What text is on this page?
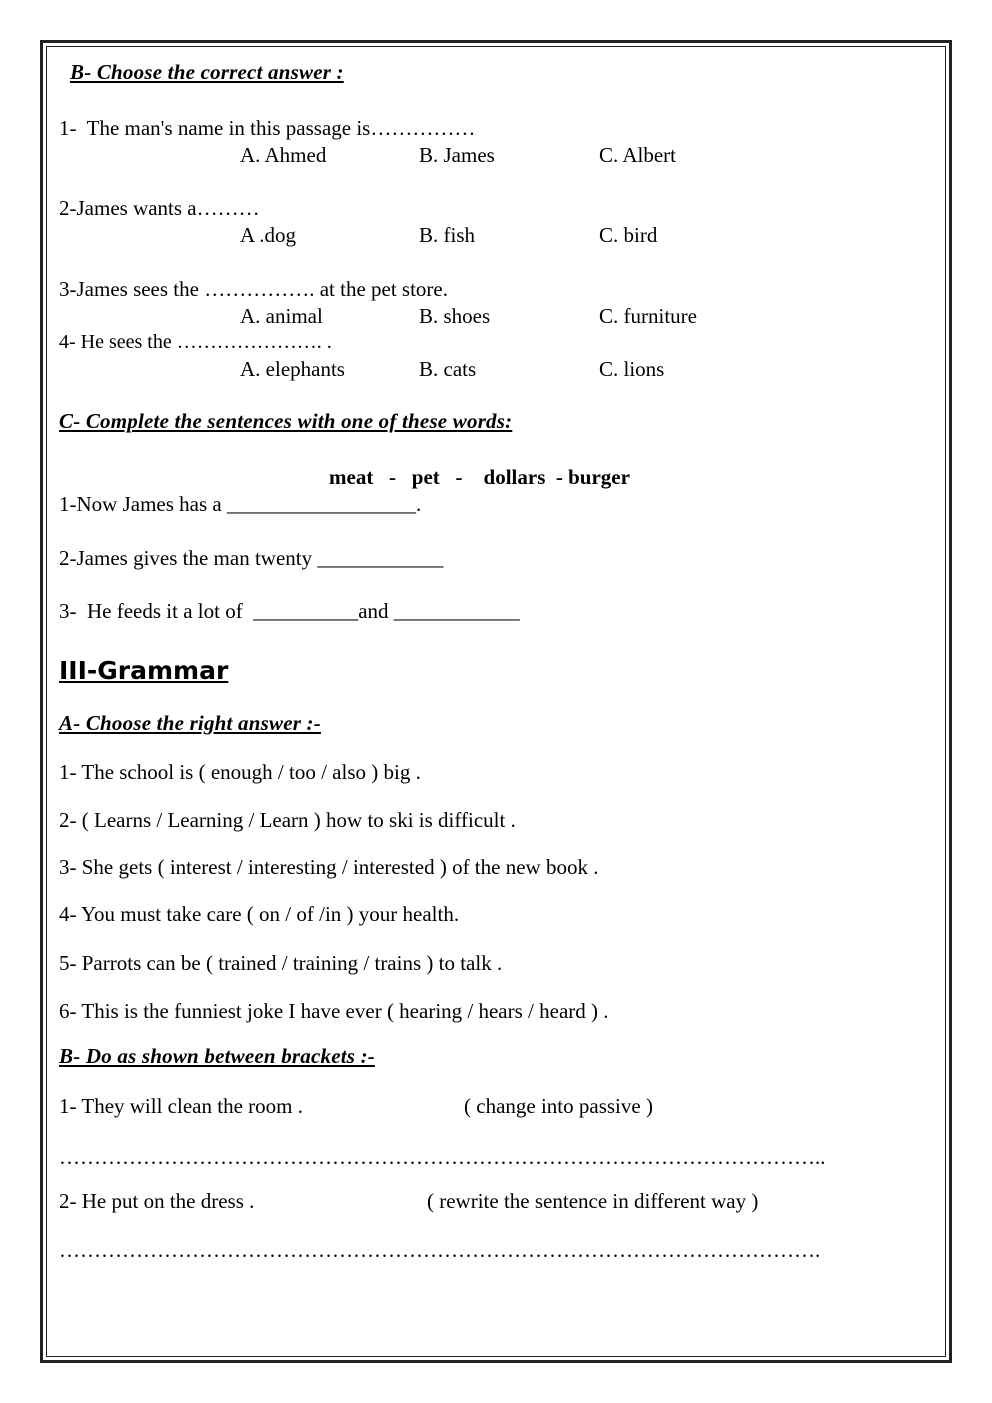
B- Choose the correct answer :
1-  The man's name in this passage is……………
A. Ahmed	B. James	C. Albert
2-James wants a………
A .dog	B. fish	C. bird
3-James sees the ……………. at the pet store.
A. animal	B. shoes	C. furniture
4- He sees the …………………. .
A. elephants	B. cats	C. lions
C- Complete the sentences with one of these words:
meat   -   pet   -    dollars  - burger
1-Now James has a __________________.
2-James gives the man twenty ____________
3-  He feeds it a lot of  __________and ____________
III-Grammar
A- Choose the right answer :-
1- The school is ( enough / too / also ) big .
2- ( Learns / Learning / Learn ) how to ski is difficult .
3- She gets ( interest / interesting / interested ) of the new book .
4- You must take care ( on / of /in ) your health.
5- Parrots can be ( trained / training / trains ) to talk .
6- This is the funniest joke I have ever ( hearing / hears / heard ) .
B- Do as shown between brackets :-
1- They will clean the room .	( change into passive )
………………………………………………………………………………………………..
2- He put on the dress .	( rewrite the sentence in different way )
……………………………………………………………………………………………….
